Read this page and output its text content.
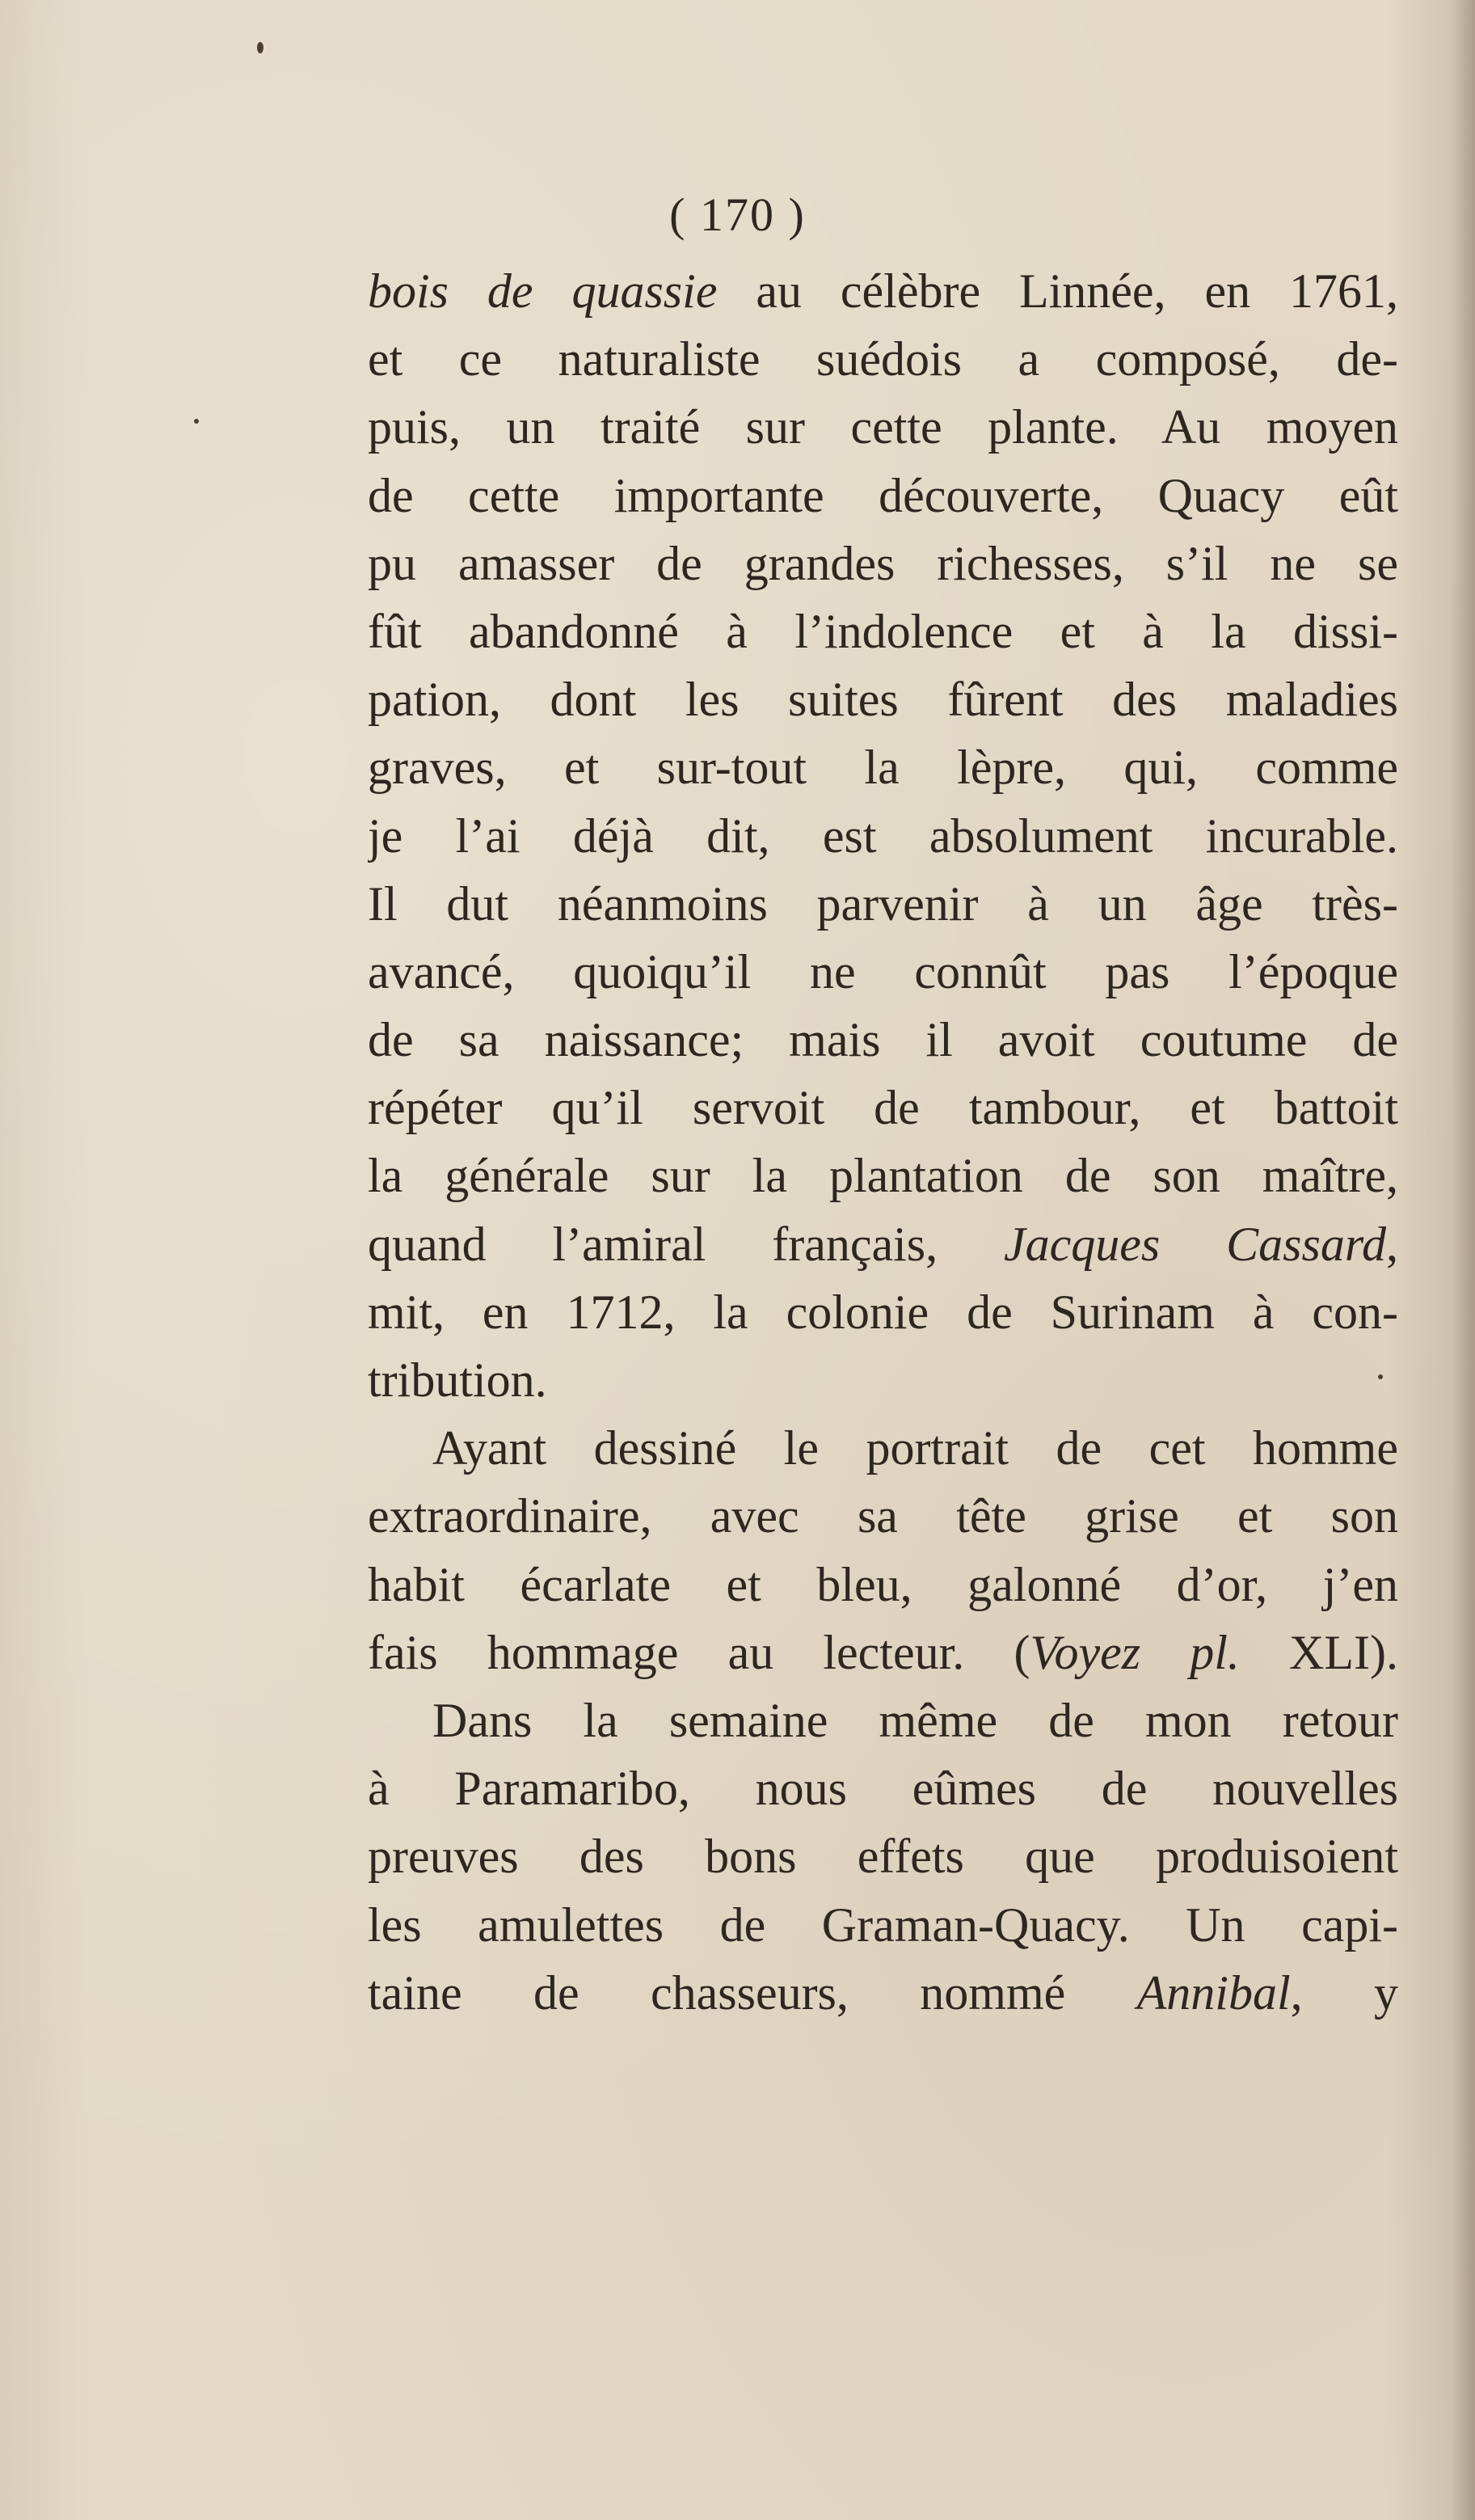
( 170 )
bois de quassie au célèbre Linnée, en 1761,
et ce naturaliste suédois a composé, de-
puis, un traité sur cette plante. Au moyen
de cette importante découverte, Quacy eût
pu amasser de grandes richesses, s’il ne se
fût abandonné à l’indolence et à la dissi-
pation, dont les suites fûrent des maladies
graves, et sur-tout la lèpre, qui, comme
je l’ai déjà dit, est absolument incurable.
Il dut néanmoins parvenir à un âge très-
avancé, quoiqu’il ne connût pas l’époque
de sa naissance; mais il avoit coutume de
répéter qu’il servoit de tambour, et battoit
la générale sur la plantation de son maître,
quand l’amiral français, Jacques Cassard,
mit, en 1712, la colonie de Surinam à con-
tribution.
Ayant dessiné le portrait de cet homme
extraordinaire, avec sa tête grise et son
habit écarlate et bleu, galonné d’or, j’en
fais hommage au lecteur. (Voyez pl. XLI).
Dans la semaine même de mon retour
à Paramaribo, nous eûmes de nouvelles
preuves des bons effets que produisoient
les amulettes de Graman-Quacy. Un capi-
taine de chasseurs, nommé Annibal, y
